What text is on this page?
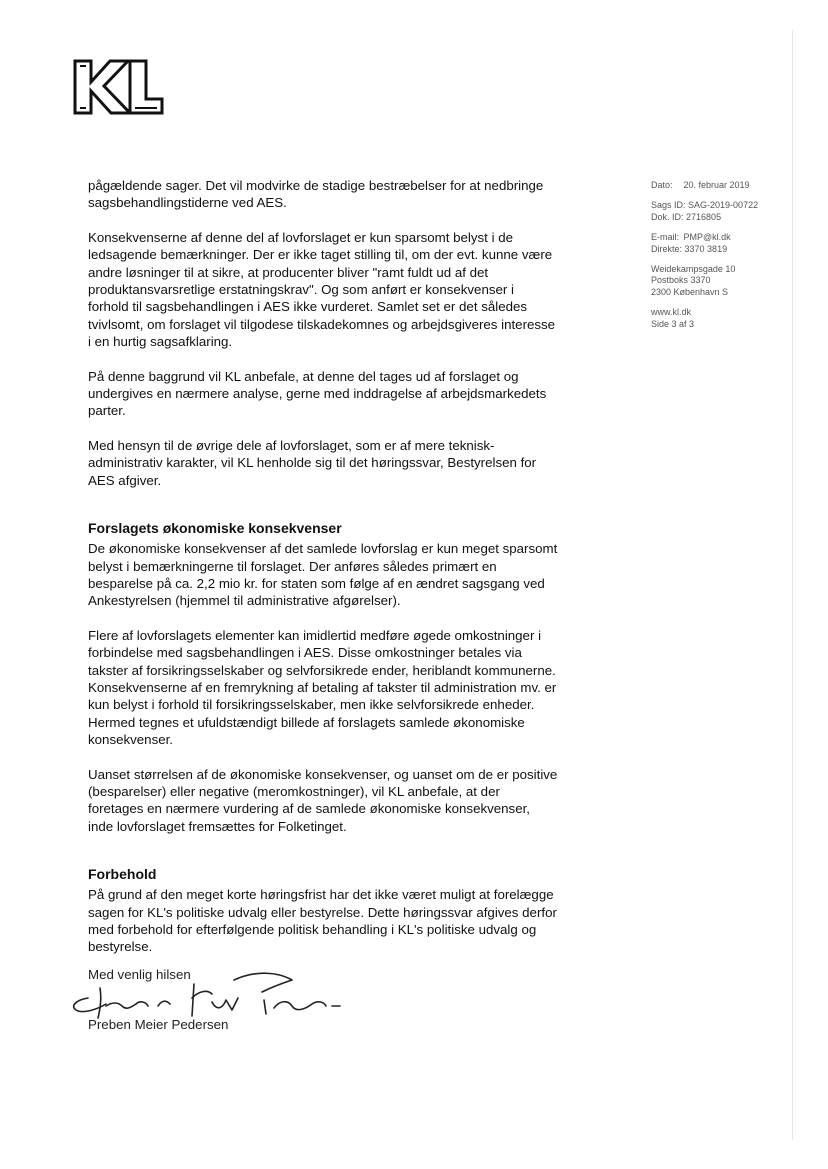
Dato: 20. februar 2019
Sags ID: SAG-2019-00722
Dok. ID: 2716805
E-mail: PMP@kl.dk
Direkte: 3370 3819
Weidekampsgade 10
Postboks 3370
2300 København S
www.kl.dk
Side 3 af 3

pågældende sager. Det vil modvirke de stadige bestræbelser for at nedbringe sagsbehandlingstiderne ved AES.

Konsekvenserne af denne del af lovforslaget er kun sparsomt belyst i de ledsagende bemærkninger. Der er ikke taget stilling til, om der evt. kunne være andre løsninger til at sikre, at producenter bliver "ramt fuldt ud af det produktansvarsretlige erstatningskrav". Og som anført er konsekvenser i forhold til sagsbehandlingen i AES ikke vurderet. Samlet set er det således tvivlsomt, om forslaget vil tilgodese tilskadekomnes og arbejdsgiveres interesse i en hurtig sagsafklaring.

På denne baggrund vil KL anbefale, at denne del tages ud af forslaget og undergives en nærmere analyse, gerne med inddragelse af arbejdsmarkedets parter.

Med hensyn til de øvrige dele af lovforslaget, som er af mere teknisk-administrativ karakter, vil KL henholde sig til det høringssvar, Bestyrelsen for AES afgiver.

Forslagets økonomiske konsekvenser

De økonomiske konsekvenser af det samlede lovforslag er kun meget sparsomt belyst i bemærkningerne til forslaget. Der anføres således primært en besparelse på ca. 2,2 mio kr. for staten som følge af en ændret sagsgang ved Ankestyrelsen (hjemmel til administrative afgørelser).

Flere af lovforslagets elementer kan imidlertid medføre øgede omkostninger i forbindelse med sagsbehandlingen i AES. Disse omkostninger betales via takster af forsikringsselskaber og selvforsikrede ender, heriblandt kommunerne. Konsekvenserne af en fremrykning af betaling af takster til administration mv. er kun belyst i forhold til forsikringsselskaber, men ikke selvforsikrede enheder. Hermed tegnes et ufuldstændigt billede af forslagets samlede økonomiske konsekvenser.

Uanset størrelsen af de økonomiske konsekvenser, og uanset om de er positive (besparelser) eller negative (meromkostninger), vil KL anbefale, at der foretages en nærmere vurdering af de samlede økonomiske konsekvenser, inde lovforslaget fremsættes for Folketinget.

Forbehold

På grund af den meget korte høringsfrist har det ikke været muligt at forelægge sagen for KL's politiske udvalg eller bestyrelse. Dette høringssvar afgives derfor med forbehold for efterfølgende politisk behandling i KL's politiske udvalg og bestyrelse.

Med venlig hilsen
Preben Meier Pedersen
